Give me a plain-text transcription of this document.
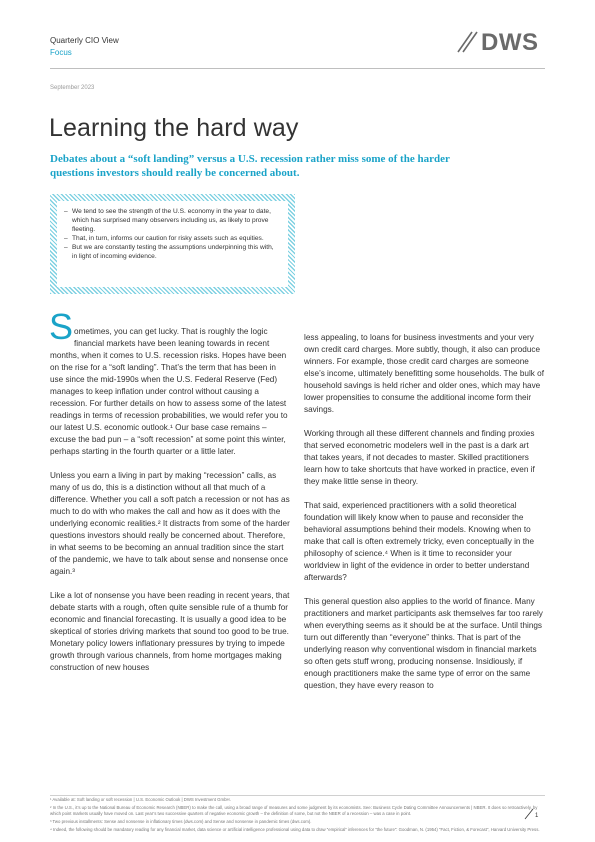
Quarterly CIO View
Focus	DWS
September 2023
Learning the hard way

Debates about a “soft landing” versus a U.S. recession rather miss some of the harder questions investors should really be concerned about.

– We tend to see the strength of the U.S. economy in the year to date, which has surprised many observers including us, as likely to prove fleeting.
– That, in turn, informs our caution for risky assets such as equities.
– But we are constantly testing the assumptions underpinning this with, in light of incoming evidence.

S ometimes, you can get lucky. That is roughly the logic financial markets have been leaning towards in recent months, when it comes to U.S. recession risks. Hopes have been on the rise for a “soft landing”. That’s the term that has been in use since the mid-1990s when the U.S. Federal Reserve (Fed) manages to keep inflation under control without causing a recession. For further details on how to assess some of the latest readings in terms of recession probabilities, we would refer you to our latest U.S. economic outlook.¹ Our base case remains – excuse the bad pun – a “soft recession” at some point this winter, perhaps starting in the fourth quarter or a little later.

Unless you earn a living in part by making “recession” calls, as many of us do, this is a distinction without all that much of a difference. Whether you call a soft patch a recession or not has as much to do with who makes the call and how as it does with the underlying economic realities.² It distracts from some of the harder questions investors should really be concerned about. Therefore, in what seems to be becoming an annual tradition since the start of the pandemic, we have to talk about sense and nonsense once again.³

Like a lot of nonsense you have been reading in recent years, that debate starts with a rough, often quite sensible rule of a thumb for economic and financial forecasting. It is usually a good idea to be skeptical of stories driving markets that sound too good to be true. Monetary policy lowers inflationary pressures by trying to impede growth through various channels, from home mortgages making construction of new houses

less appealing, to loans for business investments and your very own credit card charges. More subtly, though, it also can produce winners. For example, those credit card charges are someone else’s income, ultimately benefitting some households. The bulk of household savings is held richer and older ones, which may have lower propensities to consume the additional income form their savings.

Working through all these different channels and finding proxies that served econometric modelers well in the past is a dark art that takes years, if not decades to master. Skilled practitioners learn how to take shortcuts that have worked in practice, even if they make little sense in theory.

That said, experienced practitioners with a solid theoretical foundation will likely know when to pause and reconsider the behavioral assumptions behind their models. Knowing when to make that call is often extremely tricky, even conceptually in the philosophy of science.⁴ When is it time to reconsider your worldview in light of the evidence in order to better understand afterwards?

This general question also applies to the world of finance. Many practitioners and market participants ask themselves far too rarely when everything seems as it should be at the surface. Until things turn out differently than “everyone” thinks. That is part of the underlying reason why conventional wisdom in financial markets so often gets stuff wrong, producing nonsense. Insidiously, if enough practitioners make the same type of error on the same question, they have every reason to

¹ Available at: Soft landing or soft recession | U.S. Economic Outlook | DWS Investment GmbH.

² In the U.S., it’s up to the National Bureau of Economic Research (NBER) to make the call, using a broad range of measures and some judgment by its economists. See: Business Cycle Dating Committee Announcements | NBER. It does so retroactively, by which point markets usually have moved on. Last year’s two successive quarters of negative economic growth – the definition of some, but not the NBER of a recession – was a case in point.

³ Two previous installments: Sense and nonsense in inflationary times (dws.com) and Sense and nonsense in pandemic times (dws.com).

⁴ Indeed, the following should be mandatory reading for any financial market, data science or artificial intelligence professional using data to draw “empirical” inferences for “the future”: Goodman, N. (1954) “Fact, Fiction, & Forecast”, Harvard University Press.

1
